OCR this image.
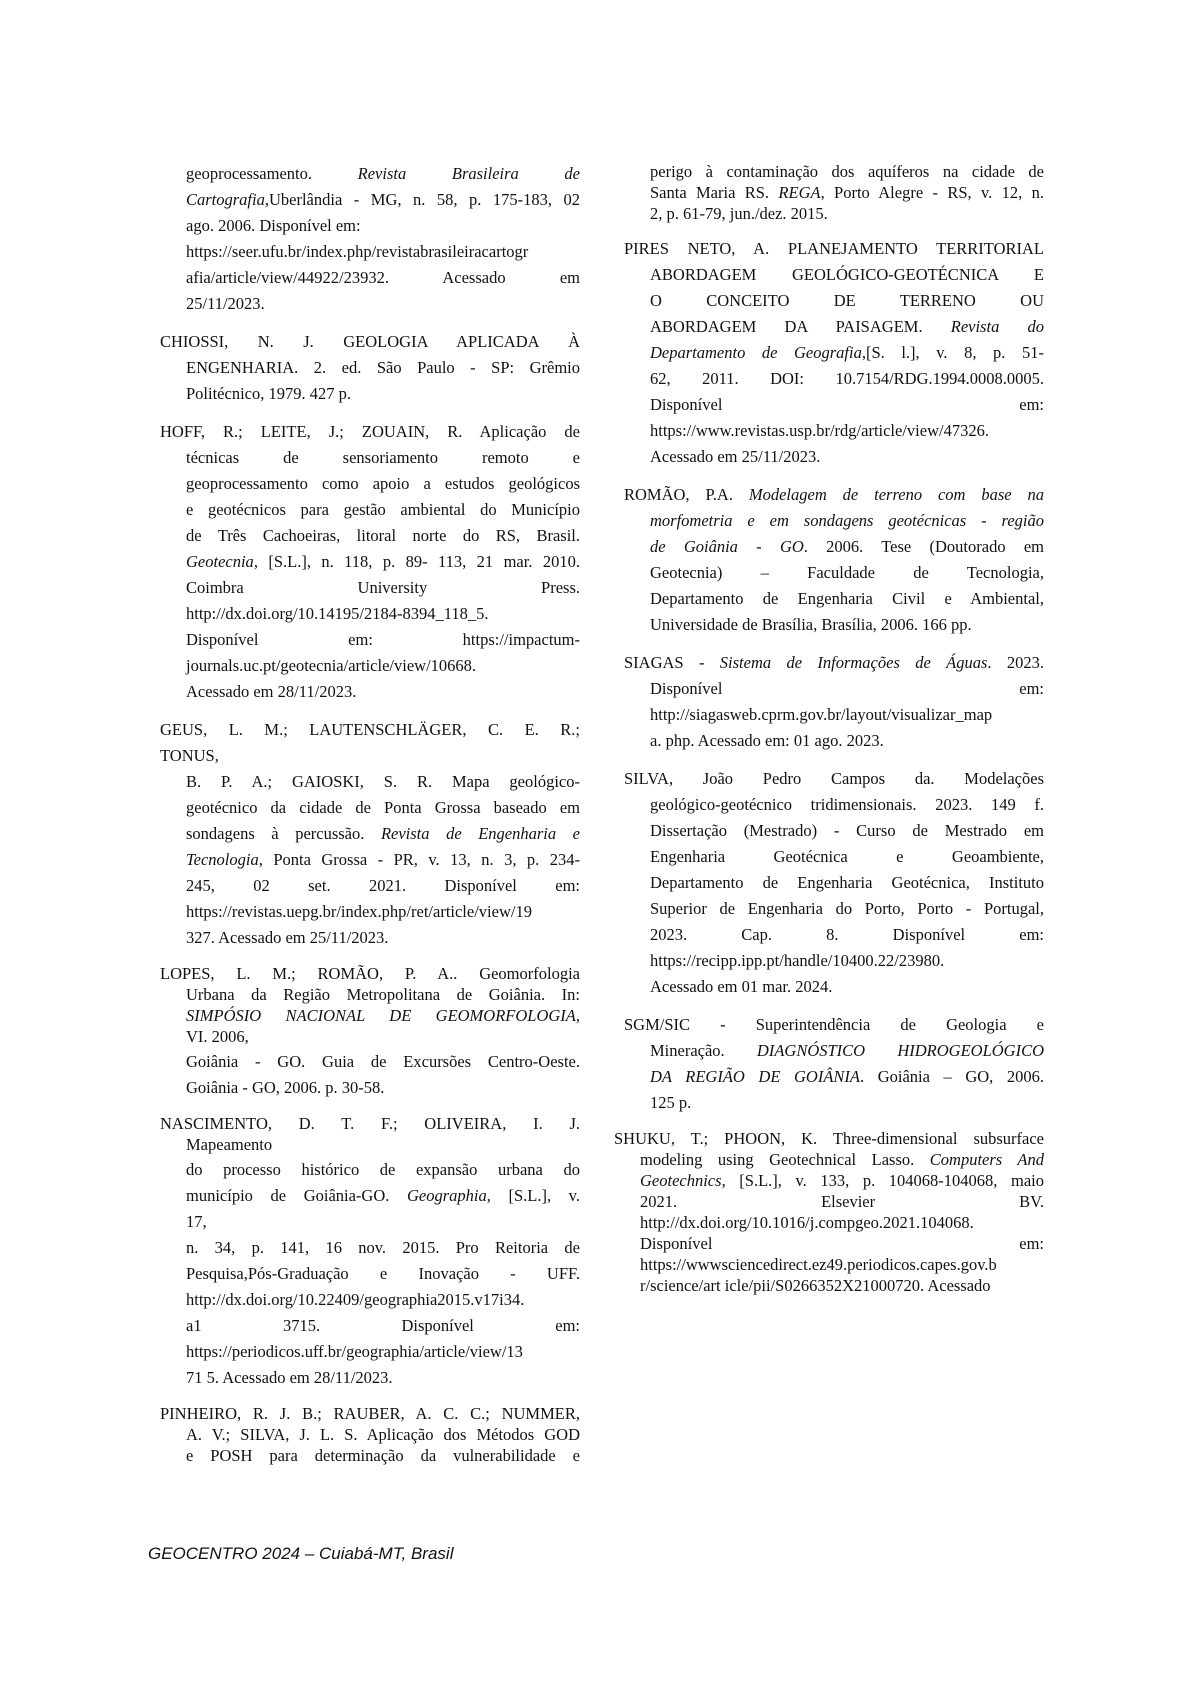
geoprocessamento. Revista Brasileira de
Cartografia,Uberlândia - MG, n. 58, p. 175-183, 02
ago. 2006. Disponível em:
https://seer.ufu.br/index.php/revistabrasileiracartogr
afia/article/view/44922/23932. Acessado em
25/11/2023.
CHIOSSI, N. J. GEOLOGIA APLICADA À
ENGENHARIA. 2. ed. São Paulo - SP: Grêmio
Politécnico, 1979. 427 p.
HOFF, R.; LEITE, J.; ZOUAIN, R. Aplicação de
técnicas de sensoriamento remoto e
geoprocessamento como apoio a estudos geológicos
e geotécnicos para gestão ambiental do Município
de Três Cachoeiras, litoral norte do RS, Brasil.
Geotecnia, [S.L.], n. 118, p. 89- 113, 21 mar. 2010.
Coimbra University Press.
http://dx.doi.org/10.14195/2184-8394_118_5.
Disponível em: https://impactum-
journals.uc.pt/geotecnia/article/view/10668.
Acessado em 28/11/2023.
GEUS, L. M.; LAUTENSCHLÄGER, C. E. R.;
TONUS,
B. P. A.; GAIOSKI, S. R. Mapa geológico-
geotécnico da cidade de Ponta Grossa baseado em
sondagens à percussão. Revista de Engenharia e
Tecnologia, Ponta Grossa - PR, v. 13, n. 3, p. 234-
245, 02 set. 2021. Disponível em:
https://revistas.uepg.br/index.php/ret/article/view/19
327. Acessado em 25/11/2023.
LOPES, L. M.; ROMÃO, P. A.. Geomorfologia
Urbana da Região Metropolitana de Goiânia. In:
SIMPÓSIO NACIONAL DE GEOMORFOLOGIA,
VI. 2006,
Goiânia - GO. Guia de Excursões Centro-Oeste.
Goiânia - GO, 2006. p. 30-58.
NASCIMENTO, D. T. F.; OLIVEIRA, I. J.
Mapeamento
do processo histórico de expansão urbana do
município de Goiânia-GO. Geographia, [S.L.], v.
17,
n. 34, p. 141, 16 nov. 2015. Pro Reitoria de
Pesquisa,Pós-Graduação e Inovação - UFF.
http://dx.doi.org/10.22409/geographia2015.v17i34.
a1 3715. Disponível em:
https://periodicos.uff.br/geographia/article/view/13
71 5. Acessado em 28/11/2023.
PINHEIRO, R. J. B.; RAUBER, A. C. C.; NUMMER,
A. V.; SILVA, J. L. S. Aplicação dos Métodos GOD
e POSH para determinação da vulnerabilidade e
perigo à contaminação dos aquíferos na cidade de
Santa Maria RS. REGA, Porto Alegre - RS, v. 12, n.
2, p. 61-79, jun./dez. 2015.
PIRES NETO, A. PLANEJAMENTO TERRITORIAL
ABORDAGEM GEOLÓGICO-GEOTÉCNICA E
O CONCEITO DE TERRENO OU
ABORDAGEM DA PAISAGEM. Revista do
Departamento de Geografia,[S. l.], v. 8, p. 51-
62, 2011. DOI: 10.7154/RDG.1994.0008.0005.
Disponível em:
https://www.revistas.usp.br/rdg/article/view/47326.
Acessado em 25/11/2023.
ROMÃO, P.A. Modelagem de terreno com base na
morfometria e em sondagens geotécnicas - região
de Goiânia - GO. 2006. Tese (Doutorado em
Geotecnia) – Faculdade de Tecnologia,
Departamento de Engenharia Civil e Ambiental,
Universidade de Brasília, Brasília, 2006. 166 pp.
SIAGAS - Sistema de Informações de Águas. 2023.
Disponível em:
http://siagasweb.cprm.gov.br/layout/visualizar_map
a. php. Acessado em: 01 ago. 2023.
SILVA, João Pedro Campos da. Modelações
geológico-geotécnico tridimensionais. 2023. 149 f.
Dissertação (Mestrado) - Curso de Mestrado em
Engenharia Geotécnica e Geoambiente,
Departamento de Engenharia Geotécnica, Instituto
Superior de Engenharia do Porto, Porto - Portugal,
2023. Cap. 8. Disponível em:
https://recipp.ipp.pt/handle/10400.22/23980.
Acessado em 01 mar. 2024.
SGM/SIC - Superintendência de Geologia e
Mineração. DIAGNÓSTICO HIDROGEOLÓGICO
DA REGIÃO DE GOIÂNIA. Goiânia – GO, 2006.
125 p.
SHUKU, T.; PHOON, K. Three-dimensional subsurface
modeling using Geotechnical Lasso. Computers And
Geotechnics, [S.L.], v. 133, p. 104068-104068, maio
2021. Elsevier BV.
http://dx.doi.org/10.1016/j.compgeo.2021.104068.
Disponível em:
https://wwwsciencedirect.ez49.periodicos.capes.gov.b
r/science/art icle/pii/S0266352X21000720. Acessado
GEOCENTRO 2024 – Cuiabá-MT, Brasil
